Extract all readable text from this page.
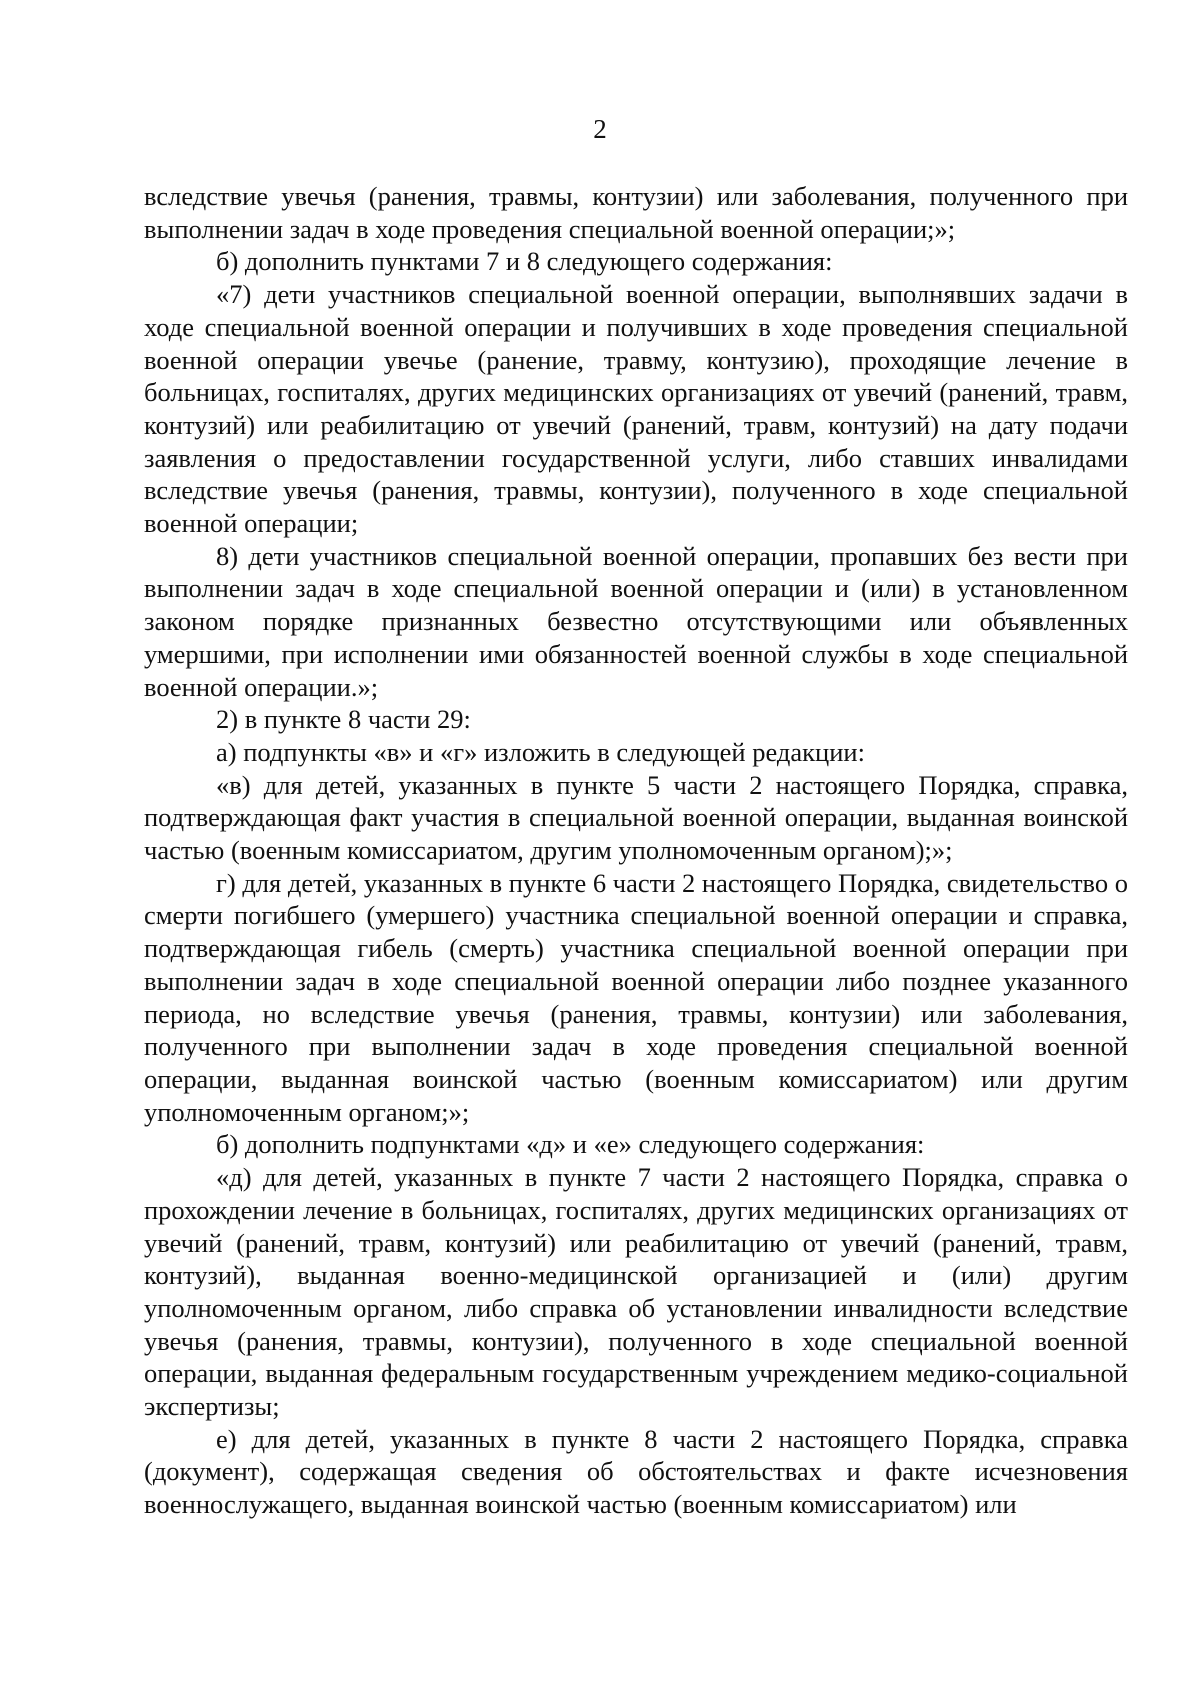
2

вследствие увечья (ранения, травмы, контузии) или заболевания, полученного при выполнении задач в ходе проведения специальной военной операции;»;

б) дополнить пунктами 7 и 8 следующего содержания:

«7) дети участников специальной военной операции, выполнявших задачи в ходе специальной военной операции и получивших в ходе проведения специальной военной операции увечье (ранение, травму, контузию), проходящие лечение в больницах, госпиталях, других медицинских организациях от увечий (ранений, травм, контузий) или реабилитацию от увечий (ранений, травм, контузий) на дату подачи заявления о предоставлении государственной услуги, либо ставших инвалидами вследствие увечья (ранения, травмы, контузии), полученного в ходе специальной военной операции;

8) дети участников специальной военной операции, пропавших без вести при выполнении задач в ходе специальной военной операции и (или) в установленном законом порядке признанных безвестно отсутствующими или объявленных умершими, при исполнении ими обязанностей военной службы в ходе специальной военной операции.»;

2) в пункте 8 части 29:

а) подпункты «в» и «г» изложить в следующей редакции:

«в) для детей, указанных в пункте 5 части 2 настоящего Порядка, справка, подтверждающая факт участия в специальной военной операции, выданная воинской частью (военным комиссариатом, другим уполномоченным органом);»;

г) для детей, указанных в пункте 6 части 2 настоящего Порядка, свидетельство о смерти погибшего (умершего) участника специальной военной операции и справка, подтверждающая гибель (смерть) участника специальной военной операции при выполнении задач в ходе специальной военной операции либо позднее указанного периода, но вследствие увечья (ранения, травмы, контузии) или заболевания, полученного при выполнении задач в ходе проведения специальной военной операции, выданная воинской частью (военным комиссариатом) или другим уполномоченным органом;»;

б) дополнить подпунктами «д» и «е» следующего содержания:

«д) для детей, указанных в пункте 7 части 2 настоящего Порядка, справка о прохождении лечение в больницах, госпиталях, других медицинских организациях от увечий (ранений, травм, контузий) или реабилитацию от увечий (ранений, травм, контузий), выданная военно-медицинской организацией и (или) другим уполномоченным органом, либо справка об установлении инвалидности вследствие увечья (ранения, травмы, контузии), полученного в ходе специальной военной операции, выданная федеральным государственным учреждением медико-социальной экспертизы;

е) для детей, указанных в пункте 8 части 2 настоящего Порядка, справка (документ), содержащая сведения об обстоятельствах и факте исчезновения военнослужащего, выданная воинской частью (военным комиссариатом) или
